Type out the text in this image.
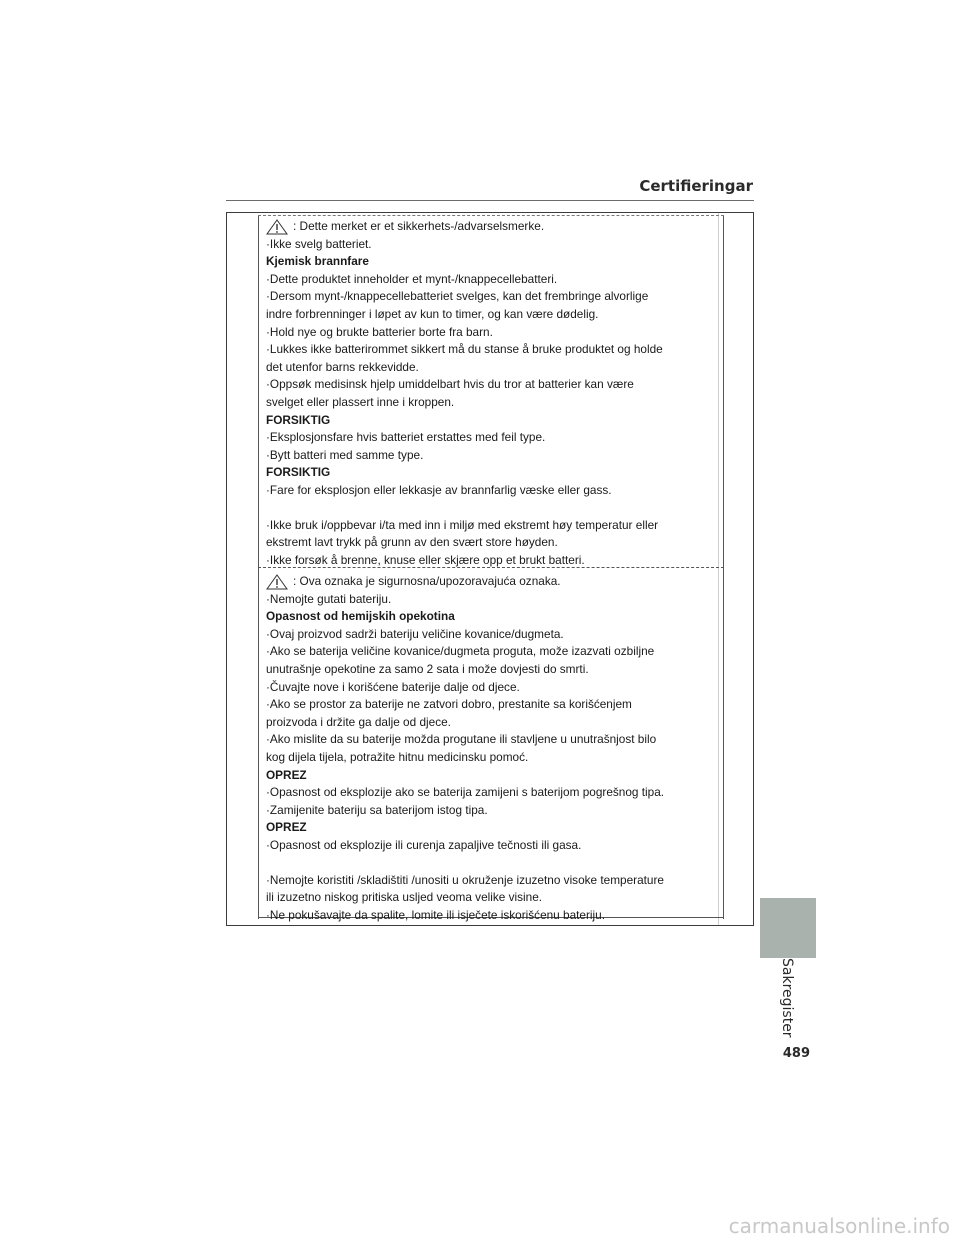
Certifieringar
: Dette merket er et sikkerhets-/advarselsmerke.
·Ikke svelg batteriet.
Kjemisk brannfare
·Dette produktet inneholder et mynt-/knappecellebatteri.
·Dersom mynt-/knappecellebatteriet svelges, kan det frembringe alvorlige
indre forbrenninger i løpet av kun to timer, og kan være dødelig.
·Hold nye og brukte batterier borte fra barn.
·Lukkes ikke batterirommet sikkert må du stanse å bruke produktet og holde
det utenfor barns rekkevidde.
·Oppsøk medisinsk hjelp umiddelbart hvis du tror at batterier kan være
svelget eller plassert inne i kroppen.
FORSIKTIG
·Eksplosjonsfare hvis batteriet erstattes med feil type.
·Bytt batteri med samme type.
FORSIKTIG
·Fare for eksplosjon eller lekkasje av brannfarlig væske eller gass.
·Ikke bruk i/oppbevar i/ta med inn i miljø med ekstremt høy temperatur eller
ekstremt lavt trykk på grunn av den svært store høyden.
·Ikke forsøk å brenne, knuse eller skjære opp et brukt batteri.
: Ova oznaka je sigurnosna/upozoravajuća oznaka.
·Nemojte gutati bateriju.
Opasnost od hemijskih opekotina
·Ovaj proizvod sadrži bateriju veličine kovanice/dugmeta.
·Ako se baterija veličine kovanice/dugmeta proguta, može izazvati ozbiljne
unutrašnje opekotine za samo 2 sata i može dovjesti do smrti.
·Čuvajte nove i korišćene baterije dalje od djece.
·Ako se prostor za baterije ne zatvori dobro, prestanite sa korišćenjem
proizvoda i držite ga dalje od djece.
·Ako mislite da su baterije možda progutane ili stavljene u unutrašnjost bilo
kog dijela tijela, potražite hitnu medicinsku pomoć.
OPREZ
·Opasnost od eksplozije ako se baterija zamijeni s baterijom pogrešnog tipa.
·Zamijenite bateriju sa baterijom istog tipa.
OPREZ
·Opasnost od eksplozije ili curenja zapaljive tečnosti ili gasa.
·Nemojte koristiti /skladištiti /unositi u okruženje izuzetno visoke temperature
ili izuzetno niskog pritiska usljed veoma velike visine.
·Ne pokušavajte da spalite, lomite ili isječete iskorišćenu bateriju.
Sakregister
489
carmanualsonline.info
